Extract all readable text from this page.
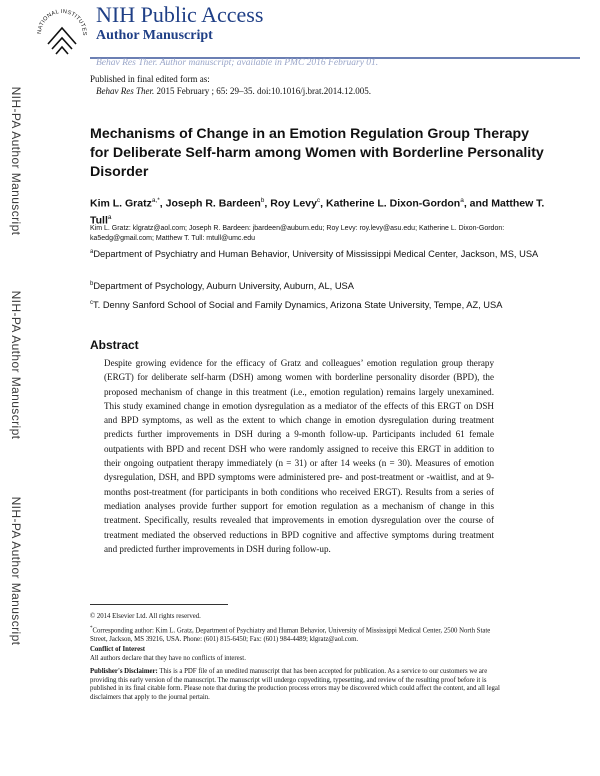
NATIONAL INSTITUTES
NIH Public Access
Author Manuscript
Behav Res Ther. Author manuscript; available in PMC 2016 February 01.
NIH-PA Author Manuscript
NIH-PA Author Manuscript
NIH-PA Author Manuscript
Published in final edited form as:
Behav Res Ther. 2015 February ; 65: 29–35. doi:10.1016/j.brat.2014.12.005.
Mechanisms of Change in an Emotion Regulation Group Therapy for Deliberate Self-harm among Women with Borderline Personality Disorder
Kim L. Gratz$^{a,*}$, Joseph R. Bardeen$^b$, Roy Levy$^c$, Katherine L. Dixon-Gordon$^a$, and Matthew T. Tull$^a$
Kim L. Gratz: klgratz@aol.com; Joseph R. Bardeen: jbardeen@auburn.edu; Roy Levy: roy.levy@asu.edu; Katherine L. Dixon-Gordon: ka5edg@gmail.com; Matthew T. Tull: mtull@umc.edu
$^a$Department of Psychiatry and Human Behavior, University of Mississippi Medical Center, Jackson, MS, USA
$^b$Department of Psychology, Auburn University, Auburn, AL, USA
$^c$T. Denny Sanford School of Social and Family Dynamics, Arizona State University, Tempe, AZ, USA
Abstract
Despite growing evidence for the efficacy of Gratz and colleagues’ emotion regulation group therapy (ERGT) for deliberate self-harm (DSH) among women with borderline personality disorder (BPD), the proposed mechanism of change in this treatment (i.e., emotion regulation) remains largely unexamined. This study examined change in emotion dysregulation as a mediator of the effects of this ERGT on DSH and BPD symptoms, as well as the extent to which change in emotion dysregulation during treatment predicts further improvements in DSH during a 9-month follow-up. Participants included 61 female outpatients with BPD and recent DSH who were randomly assigned to receive this ERGT in addition to their ongoing outpatient therapy immediately (n = 31) or after 14 weeks (n = 30). Measures of emotion dysregulation, DSH, and BPD symptoms were administered pre- and post-treatment or -waitlist, and at 9-months post-treatment (for participants in both conditions who received ERGT). Results from a series of mediation analyses provide further support for emotion regulation as a mechanism of change in this treatment. Specifically, results revealed that improvements in emotion dysregulation over the course of treatment mediated the observed reductions in BPD cognitive and affective symptoms during treatment and predicted further improvements in DSH during follow-up.
© 2014 Elsevier Ltd. All rights reserved.
*Corresponding author: Kim L. Gratz, Department of Psychiatry and Human Behavior, University of Mississippi Medical Center, 2500 North State Street, Jackson, MS 39216, USA. Phone: (601) 815-6450; Fax: (601) 984-4489; klgratz@aol.com.
Conflict of Interest
All authors declare that they have no conflicts of interest.
Publisher's Disclaimer: This is a PDF file of an unedited manuscript that has been accepted for publication. As a service to our customers we are providing this early version of the manuscript. The manuscript will undergo copyediting, typesetting, and review of the resulting proof before it is published in its final citable form. Please note that during the production process errors may be discovered which could affect the content, and all legal disclaimers that apply to the journal pertain.
